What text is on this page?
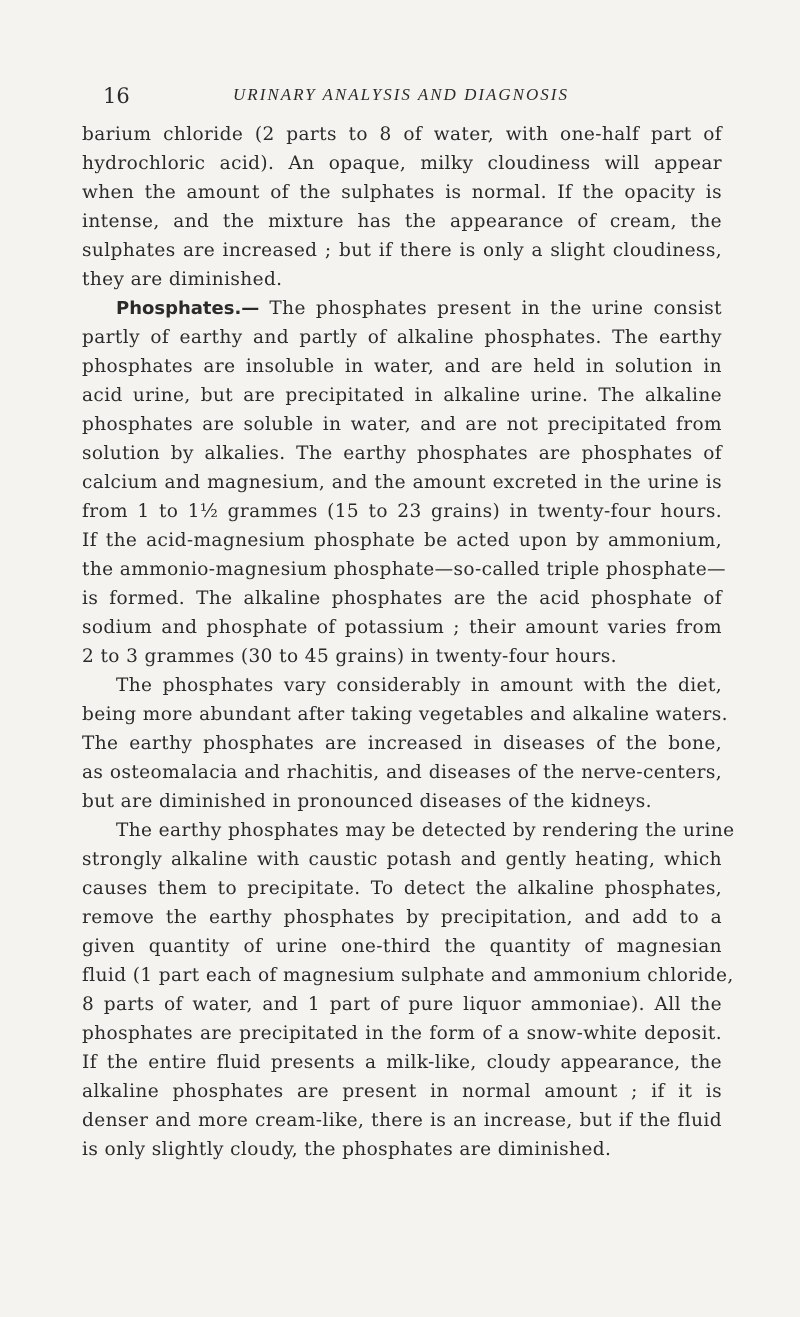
16	URINARY ANALYSIS AND DIAGNOSIS
barium chloride (2 parts to 8 of water, with one-half part of
hydrochloric acid). An opaque, milky cloudiness will appear
when the amount of the sulphates is normal. If the opacity is
intense, and the mixture has the appearance of cream, the
sulphates are increased ; but if there is only a slight cloudiness,
they are diminished.
Phosphates.— The phosphates present in the urine consist
partly of earthy and partly of alkaline phosphates. The earthy
phosphates are insoluble in water, and are held in solution in
acid urine, but are precipitated in alkaline urine. The alkaline
phosphates are soluble in water, and are not precipitated from
solution by alkalies. The earthy phosphates are phosphates of
calcium and magnesium, and the amount excreted in the urine is
from 1 to 1½ grammes (15 to 23 grains) in twenty-four hours.
If the acid-magnesium phosphate be acted upon by ammonium,
the ammonio-magnesium phosphate—so-called triple phosphate—
is formed. The alkaline phosphates are the acid phosphate of
sodium and phosphate of potassium ; their amount varies from
2 to 3 grammes (30 to 45 grains) in twenty-four hours.
The phosphates vary considerably in amount with the diet,
being more abundant after taking vegetables and alkaline waters.
The earthy phosphates are increased in diseases of the bone,
as osteomalacia and rhachitis, and diseases of the nerve-centers,
but are diminished in pronounced diseases of the kidneys.
The earthy phosphates may be detected by rendering the urine
strongly alkaline with caustic potash and gently heating, which
causes them to precipitate. To detect the alkaline phosphates,
remove the earthy phosphates by precipitation, and add to a
given quantity of urine one-third the quantity of magnesian
fluid (1 part each of magnesium sulphate and ammonium chloride,
8 parts of water, and 1 part of pure liquor ammoniae). All the
phosphates are precipitated in the form of a snow-white deposit.
If the entire fluid presents a milk-like, cloudy appearance, the
alkaline phosphates are present in normal amount ; if it is
denser and more cream-like, there is an increase, but if the fluid
is only slightly cloudy, the phosphates are diminished.
